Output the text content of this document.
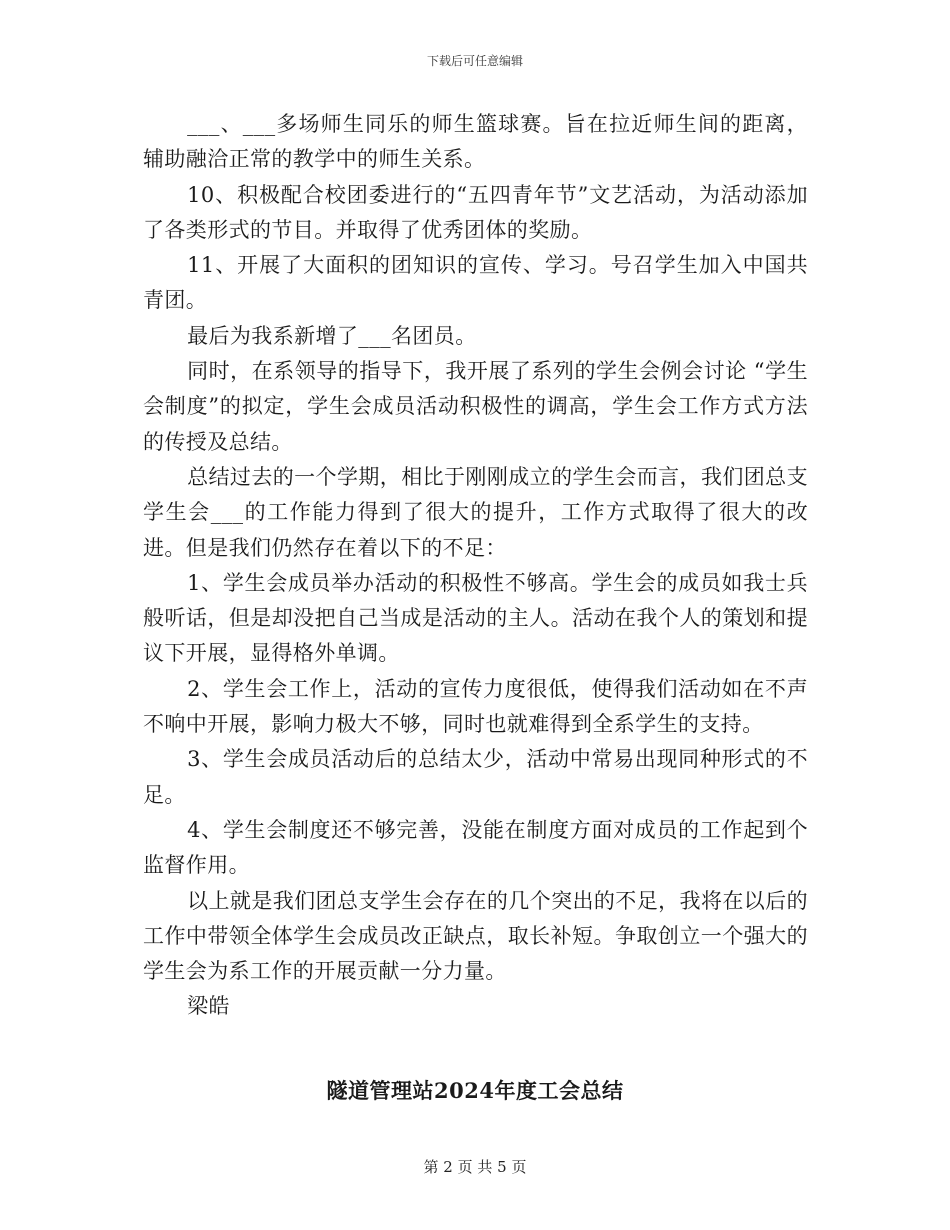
下载后可任意编辑

___、___多场师生同乐的师生篮球赛。旨在拉近师生间的距离，辅助融洽正常的教学中的师生关系。

10、积极配合校团委进行的“五四青年节”文艺活动，为活动添加了各类形式的节目。并取得了优秀团体的奖励。

11、开展了大面积的团知识的宣传、学习。号召学生加入中国共青团。

最后为我系新增了___名团员。

同时，在系领导的指导下，我开展了系列的学生会例会讨论 “学生会制度”的拟定，学生会成员活动积极性的调高，学生会工作方式方法的传授及总结。

总结过去的一个学期，相比于刚刚成立的学生会而言，我们团总支学生会___的工作能力得到了很大的提升，工作方式取得了很大的改进。但是我们仍然存在着以下的不足：

1、学生会成员举办活动的积极性不够高。学生会的成员如我士兵般听话，但是却没把自己当成是活动的主人。活动在我个人的策划和提议下开展，显得格外单调。

2、学生会工作上，活动的宣传力度很低，使得我们活动如在不声不响中开展，影响力极大不够，同时也就难得到全系学生的支持。

3、学生会成员活动后的总结太少，活动中常易出现同种形式的不足。

4、学生会制度还不够完善，没能在制度方面对成员的工作起到个监督作用。

以上就是我们团总支学生会存在的几个突出的不足，我将在以后的工作中带领全体学生会成员改正缺点，取长补短。争取创立一个强大的学生会为系工作的开展贡献一分力量。

梁皓

隧道管理站2024年度工会总结
第 2 页 共 5 页
